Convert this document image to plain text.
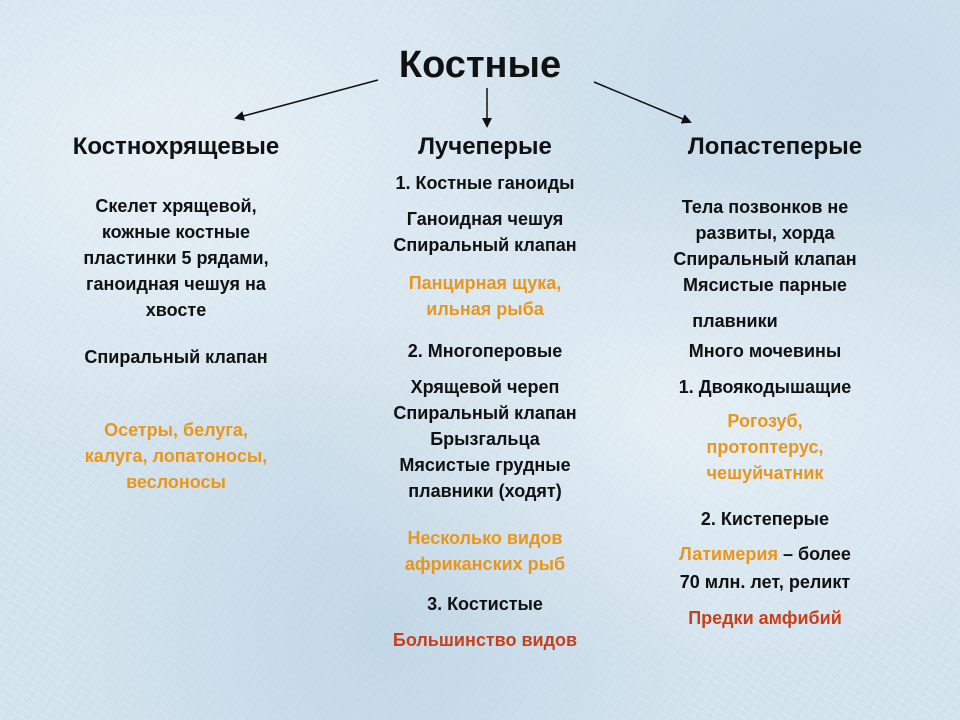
Костные
Костнохрящевые
Скелет хрящевой,
кожные костные
пластинки 5 рядами,
ганоидная чешуя на
хвосте
Спиральный клапан
Осетры, белуга,
калуга, лопатоносы,
веслоносы
Лучеперые
1. Костные ганоиды
Ганоидная чешуя
Спиральный клапан
Панцирная щука,
ильная рыба
2. Многоперовые
Хрящевой череп
Спиральный клапан
Брызгальца
Мясистые грудные
плавники (ходят)
Несколько видов
африканских рыб
3. Костистые
Большинство видов
Лопастеперые
Тела позвонков не
развиты, хорда
Спиральный клапан
Мясистые парные
плавники
Много мочевины
1. Двоякодышащие
Рогозуб,
протоптерус,
чешуйчатник
2. Кистеперые
Латимерия – более
70 млн. лет, реликт
Предки амфибий
